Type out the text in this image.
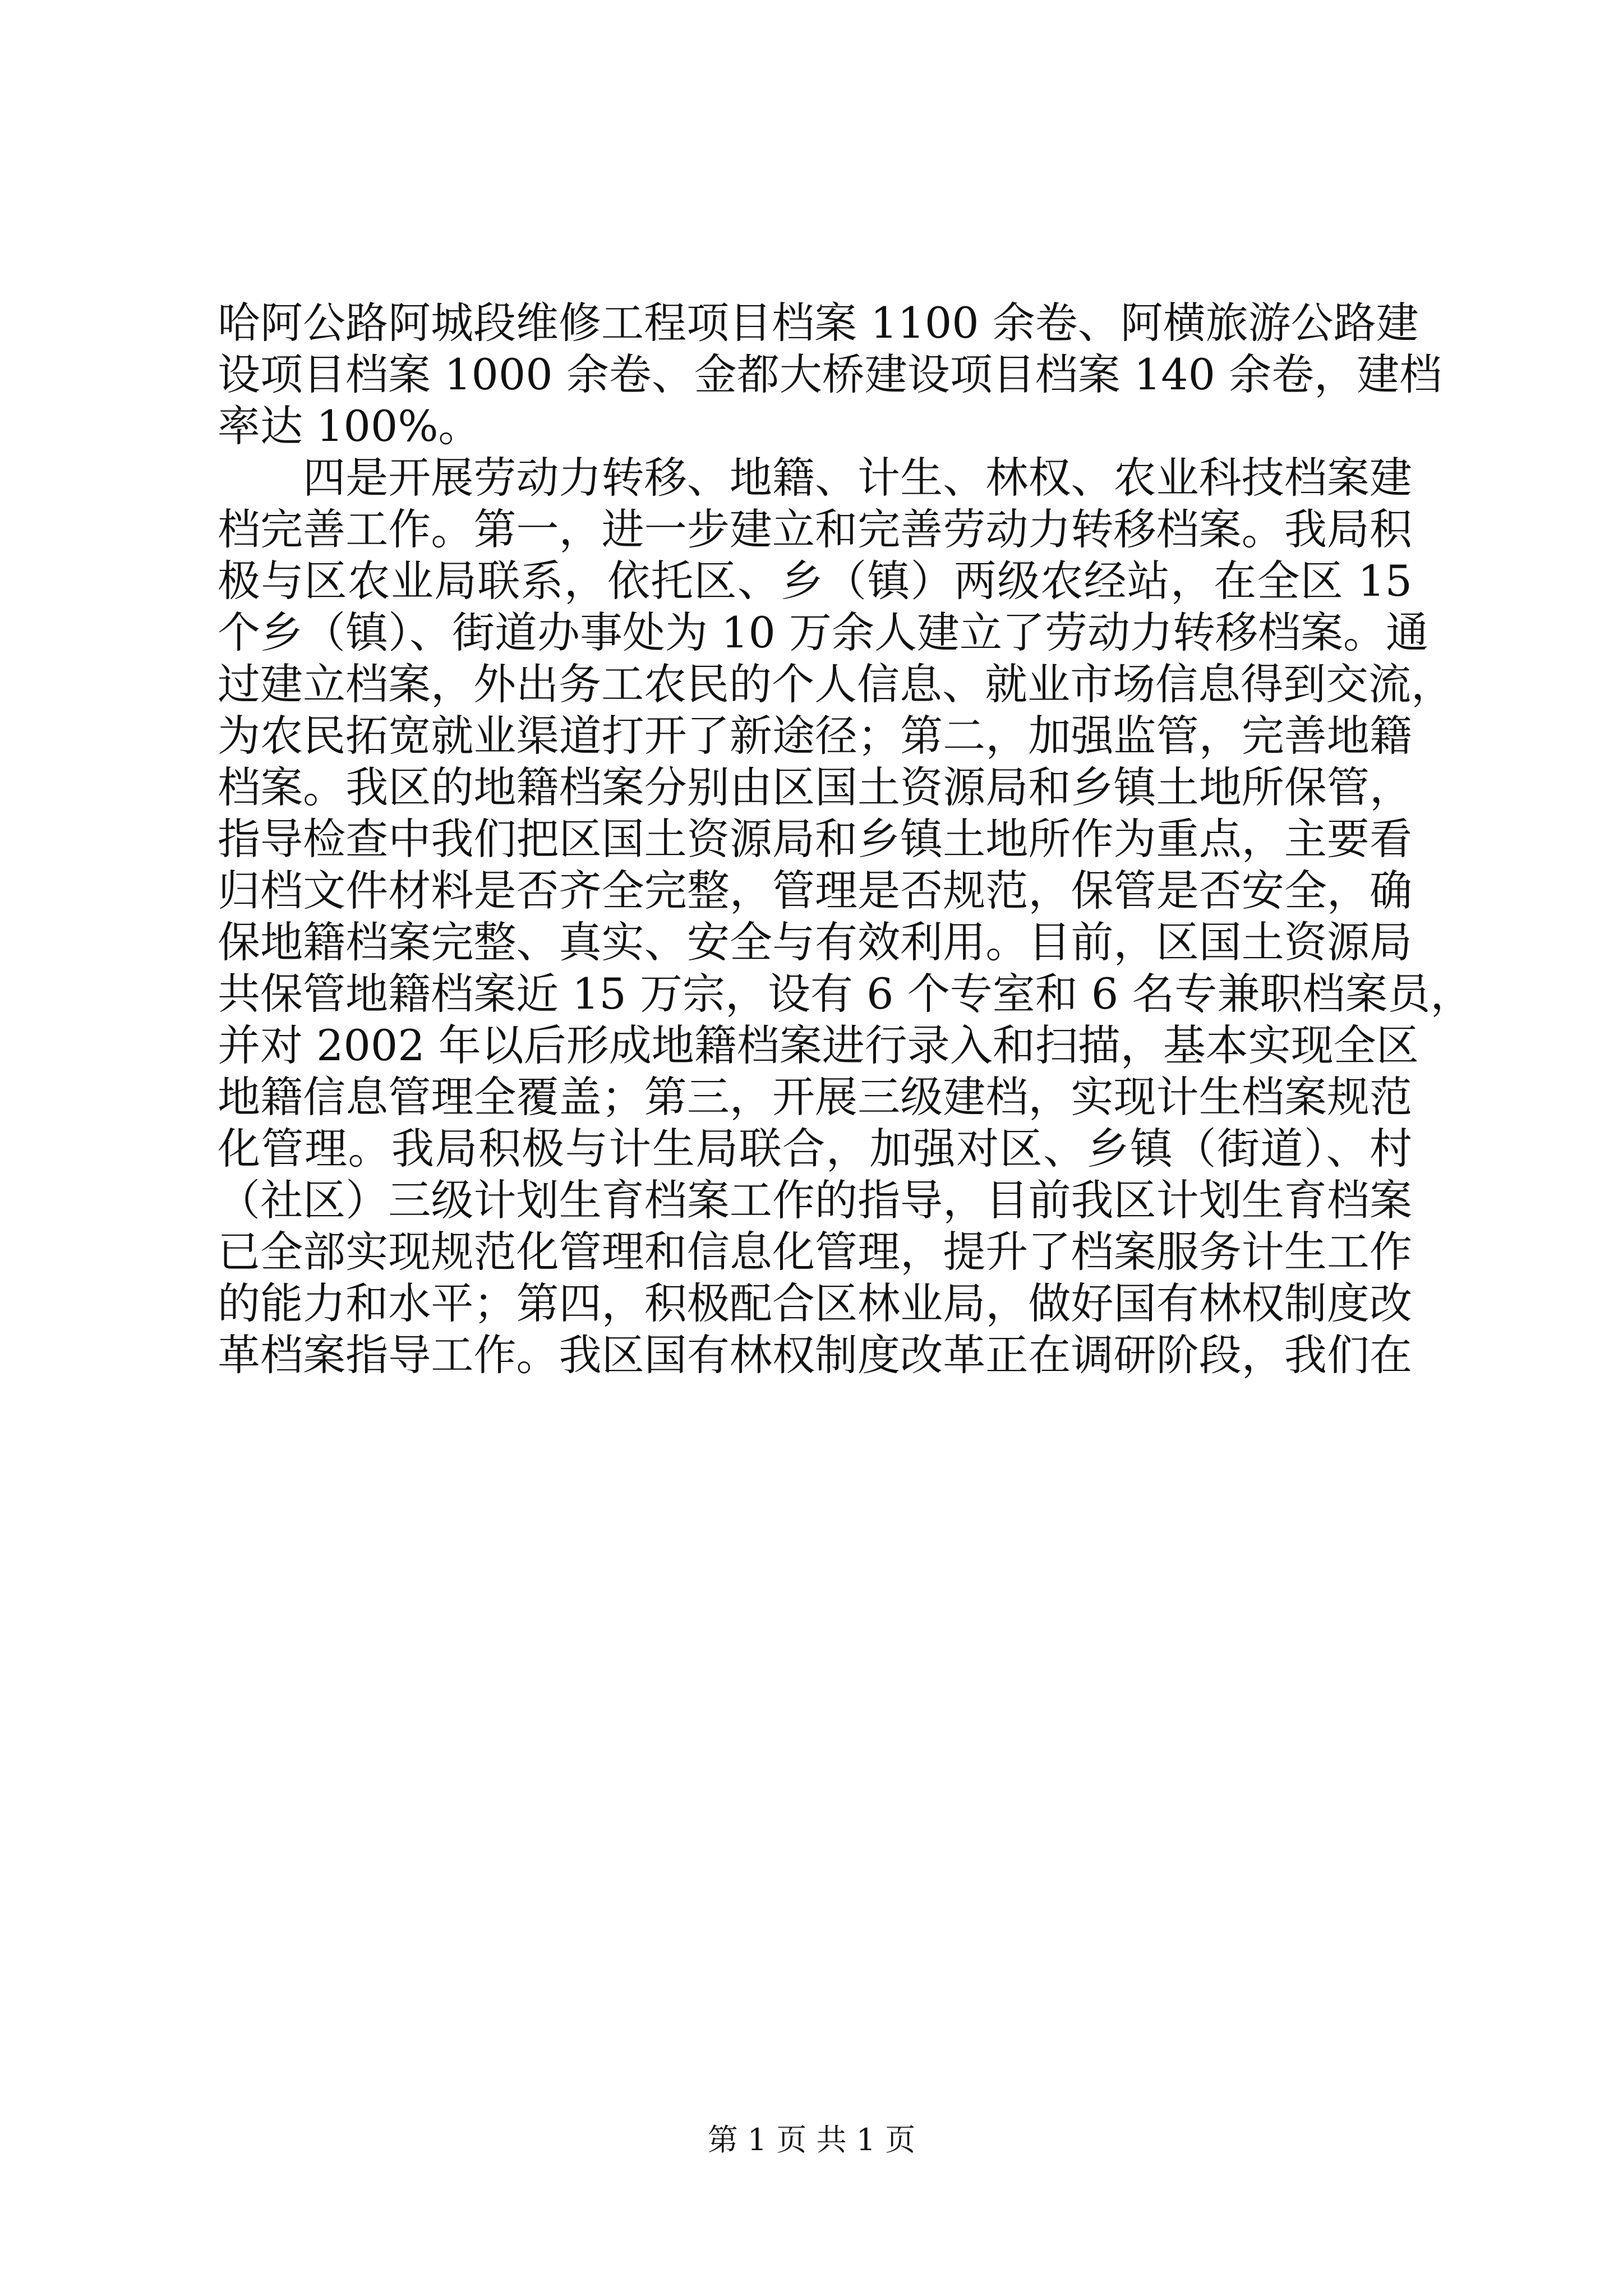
哈阿公路阿城段维修工程项目档案 1100 余卷、阿横旅游公路建
设项目档案 1000 余卷、金都大桥建设项目档案 140 余卷，建档
率达 100%。
四是开展劳动力转移、地籍、计生、林权、农业科技档案建
档完善工作。第一，进一步建立和完善劳动力转移档案。我局积
极与区农业局联系，依托区、乡（镇）两级农经站，在全区 15
个乡（镇）、街道办事处为 10 万余人建立了劳动力转移档案。通
过建立档案，外出务工农民的个人信息、就业市场信息得到交流，
为农民拓宽就业渠道打开了新途径；第二，加强监管，完善地籍
档案。我区的地籍档案分别由区国土资源局和乡镇土地所保管，
指导检查中我们把区国土资源局和乡镇土地所作为重点，主要看
归档文件材料是否齐全完整，管理是否规范，保管是否安全，确
保地籍档案完整、真实、安全与有效利用。目前，区国土资源局
共保管地籍档案近 15 万宗，设有 6 个专室和 6 名专兼职档案员，
并对 2002 年以后形成地籍档案进行录入和扫描，基本实现全区
地籍信息管理全覆盖；第三，开展三级建档，实现计生档案规范
化管理。我局积极与计生局联合，加强对区、乡镇（街道）、村
（社区）三级计划生育档案工作的指导，目前我区计划生育档案
已全部实现规范化管理和信息化管理，提升了档案服务计生工作
的能力和水平；第四，积极配合区林业局，做好国有林权制度改
革档案指导工作。我区国有林权制度改革正在调研阶段，我们在
第 1 页 共 1 页
